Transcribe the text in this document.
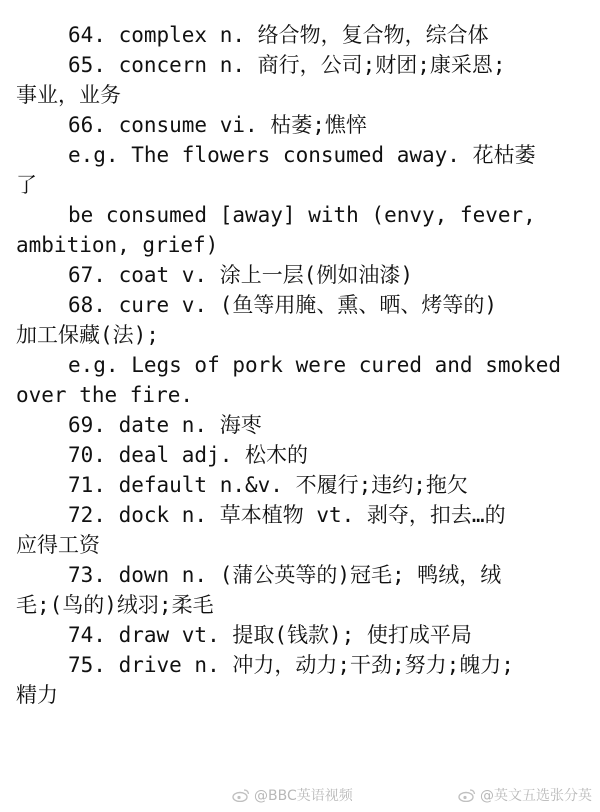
64. complex n. 络合物，复合物，综合体
65. concern n. 商行，公司;财团;康采恩;
事业，业务
66. consume vi. 枯萎;憔悴
e.g. The flowers consumed away. 花枯萎
了
be consumed [away] with (envy, fever,
ambition, grief)
67. coat v. 涂上一层(例如油漆)
68. cure v. (鱼等用腌、熏、晒、烤等的)
加工保藏(法);
e.g. Legs of pork were cured and smoked
over the fire.
69. date n. 海枣
70. deal adj. 松木的
71. default n.&v. 不履行;违约;拖欠
72. dock n. 草本植物 vt. 剥夺，扣去…的
应得工资
73. down n. (蒲公英等的)冠毛; 鸭绒，绒
毛;(鸟的)绒羽;柔毛
74. draw vt. 提取(钱款); 使打成平局
75. drive n. 冲力，动力;干劲;努力;魄力;
精力
@BBC英语视频	@英文五选张分英
